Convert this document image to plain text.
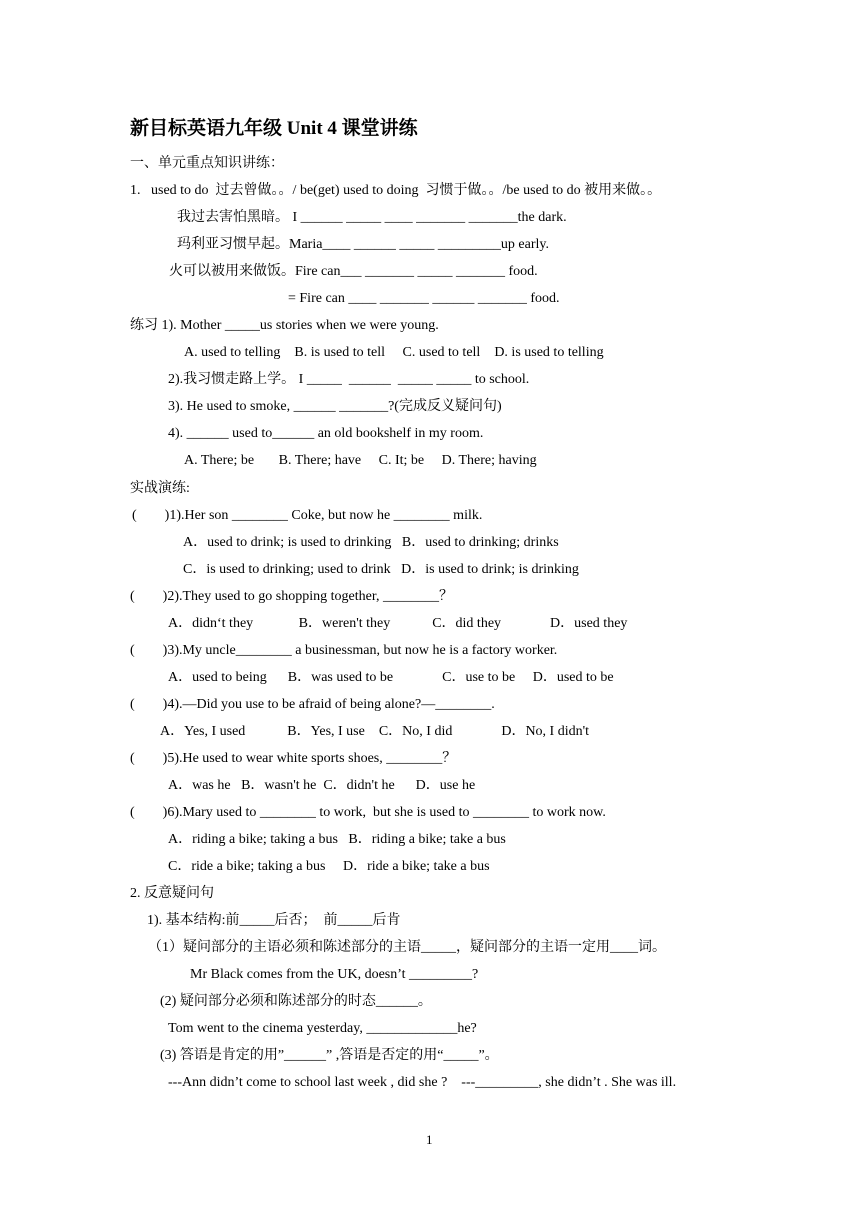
新目标英语九年级 Unit 4 课堂讲练
一、单元重点知识讲练：
1.   used to do  过去曾做。。/ be(get) used to doing  习惯于做。。/be used to do 被用来做。。
我过去害怕黑暗。 I ______ _____ ____ _______ _______the dark.
玛利亚习惯早起。Maria____ ______ _____ _________up early.
火可以被用来做饭。Fire can___ _______ _____ _______ food.
= Fire can ____ _______ ______ _______ food.
练习 1). Mother _____us stories when we were young.
A. used to telling    B. is used to tell     C. used to tell    D. is used to telling
2).我习惯走路上学。 I _____  ______  _____ _____ to school.
3). He used to smoke, ______ _______?(完成反义疑问句)
4). ______ used to______ an old bookshelf in my room.
A. There; be       B. There; have     C. It; be     D. There; having
实战演练:
(        )1).Her son ________ Coke, but now he ________ milk.
A．used to drink; is used to drinking   B．used to drinking; drinks
C．is used to drinking; used to drink   D．is used to drink; is drinking
(        )2).They used to go shopping together, ________？
A．didn‘t they             B．weren't they            C．did they              D．used they
(        )3).My uncle________ a businessman, but now he is a factory worker.
A．used to being      B．was used to be              C．use to be     D．used to be
(        )4).—Did you use to be afraid of being alone?—________.
A．Yes, I used            B．Yes, I use    C．No, I did              D．No, I didn't
(        )5).He used to wear white sports shoes, ________？
A．was he   B．wasn't he  C．didn't he      D．use he
(        )6).Mary used to ________ to work,  but she is used to ________ to work now.
A．riding a bike; taking a bus   B．riding a bike; take a bus
C．ride a bike; taking a bus     D．ride a bike; take a bus
2. 反意疑问句
1). 基本结构:前_____后否；  前_____后肯
（1）疑问部分的主语必须和陈述部分的主语_____，疑问部分的主语一定用____词。
Mr Black comes from the UK, doesn’t _________?
(2) 疑问部分必须和陈述部分的时态______。
Tom went to the cinema yesterday, _____________he?
(3) 答语是肯定的用”______” ,答语是否定的用“_____”。
---Ann didn’t come to school last week , did she ?    ---_________, she didn’t . She was ill.
1
